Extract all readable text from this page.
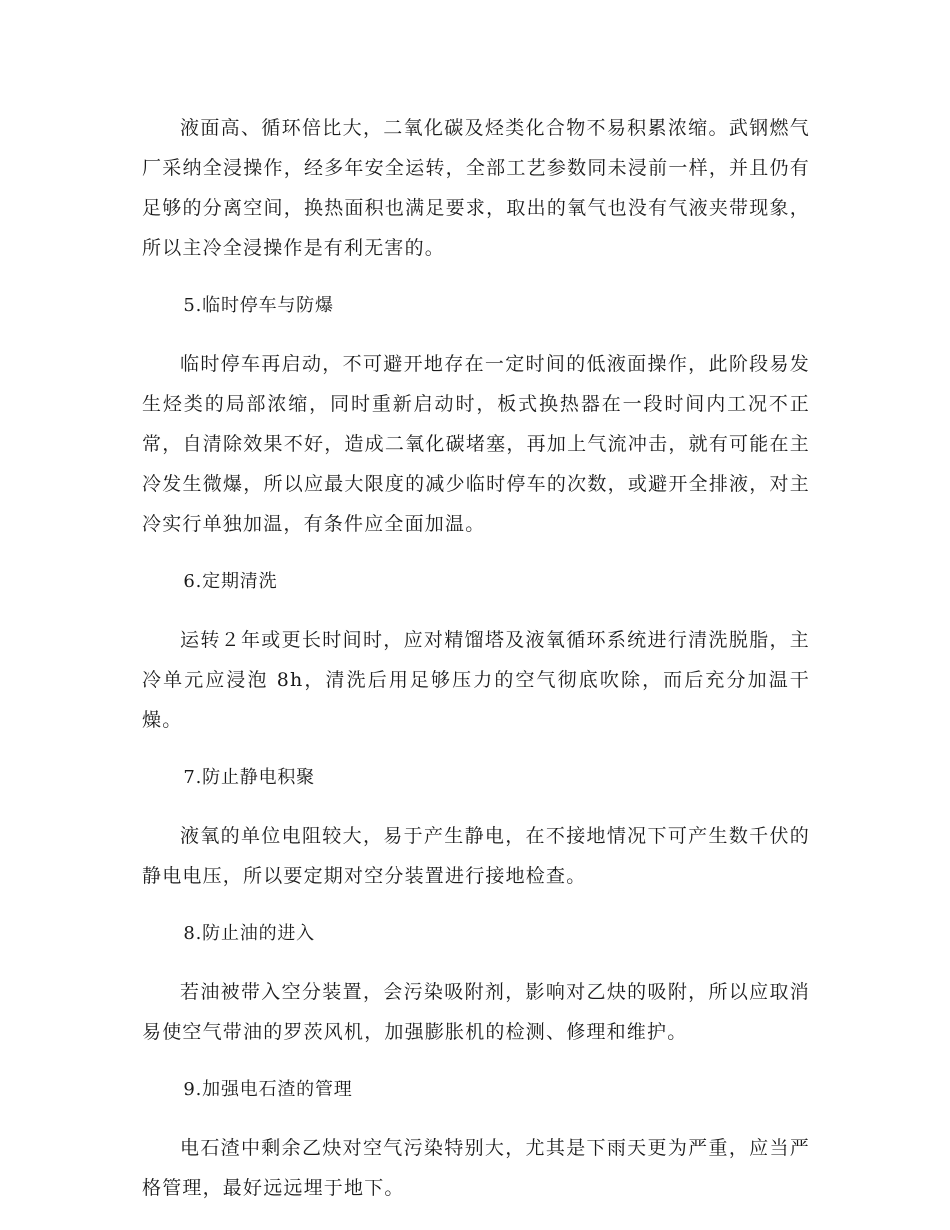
液面高、循环倍比大，二氧化碳及烃类化合物不易积累浓缩。武钢燃气厂采纳全浸操作，经多年安全运转，全部工艺参数同未浸前一样，并且仍有足够的分离空间，换热面积也满足要求，取出的氧气也没有气液夹带现象，所以主冷全浸操作是有利无害的。

5.临时停车与防爆

临时停车再启动，不可避开地存在一定时间的低液面操作，此阶段易发生烃类的局部浓缩，同时重新启动时，板式换热器在一段时间内工况不正常，自清除效果不好，造成二氧化碳堵塞，再加上气流冲击，就有可能在主冷发生微爆，所以应最大限度的减少临时停车的次数，或避开全排液，对主冷实行单独加温，有条件应全面加温。

6.定期清洗

运转２年或更长时间时，应对精馏塔及液氧循环系统进行清洗脱脂，主冷单元应浸泡 8h，清洗后用足够压力的空气彻底吹除，而后充分加温干燥。

7.防止静电积聚

液氧的单位电阻较大，易于产生静电，在不接地情况下可产生数千伏的静电电压，所以要定期对空分装置进行接地检查。

8.防止油的进入

若油被带入空分装置，会污染吸附剂，影响对乙炔的吸附，所以应取消易使空气带油的罗茨风机，加强膨胀机的检测、修理和维护。

9.加强电石渣的管理

电石渣中剩余乙炔对空气污染特别大，尤其是下雨天更为严重，应当严格管理，最好远远埋于地下。
